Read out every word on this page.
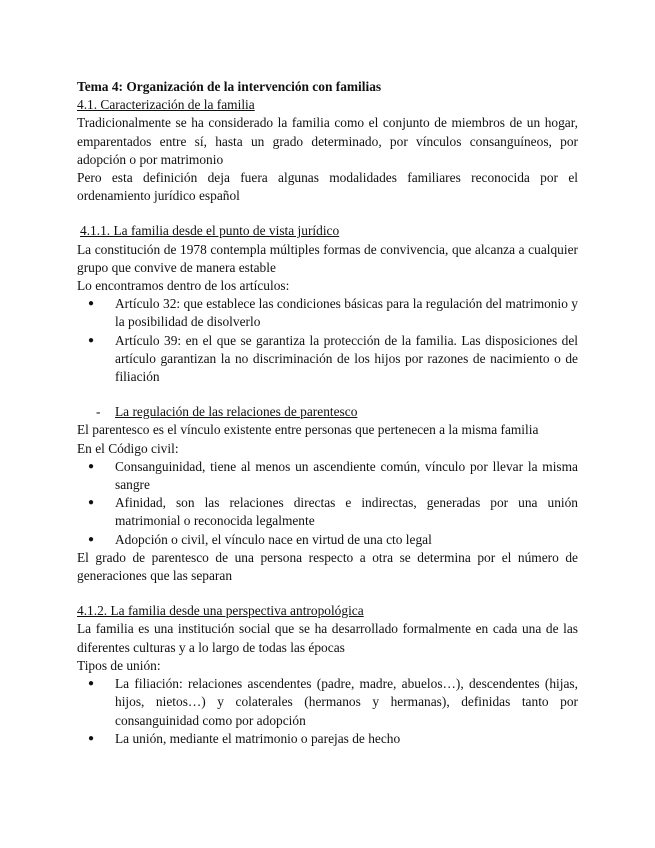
Tema 4: Organización de la intervención con familias

4.1. Caracterización de la familia

Tradicionalmente se ha considerado la familia como el conjunto de miembros de un hogar, emparentados entre sí, hasta un grado determinado, por vínculos consanguíneos, por adopción o por matrimonio

Pero esta definición deja fuera algunas modalidades familiares reconocida por el ordenamiento jurídico español

4.1.1. La familia desde el punto de vista jurídico

La constitución de 1978 contempla múltiples formas de convivencia, que alcanza a cualquier grupo que convive de manera estable

Lo encontramos dentro de los artículos:

● Artículo 32: que establece las condiciones básicas para la regulación del matrimonio y la posibilidad de disolverlo
● Artículo 39: en el que se garantiza la protección de la familia. Las disposiciones del artículo garantizan la no discriminación de los hijos por razones de nacimiento o de filiación

- La regulación de las relaciones de parentesco

El parentesco es el vínculo existente entre personas que pertenecen a la misma familia

En el Código civil:

● Consanguinidad, tiene al menos un ascendiente común, vínculo por llevar la misma sangre
● Afinidad, son las relaciones directas e indirectas, generadas por una unión matrimonial o reconocida legalmente
● Adopción o civil, el vínculo nace en virtud de una cto legal

El grado de parentesco de una persona respecto a otra se determina por el número de generaciones que las separan

4.1.2. La familia desde una perspectiva antropológica

La familia es una institución social que se ha desarrollado formalmente en cada una de las diferentes culturas y a lo largo de todas las épocas

Tipos de unión:

● La filiación: relaciones ascendentes (padre, madre, abuelos…), descendentes (hijas, hijos, nietos…) y colaterales (hermanos y hermanas), definidas tanto por consanguinidad como por adopción
● La unión, mediante el matrimonio o parejas de hecho
